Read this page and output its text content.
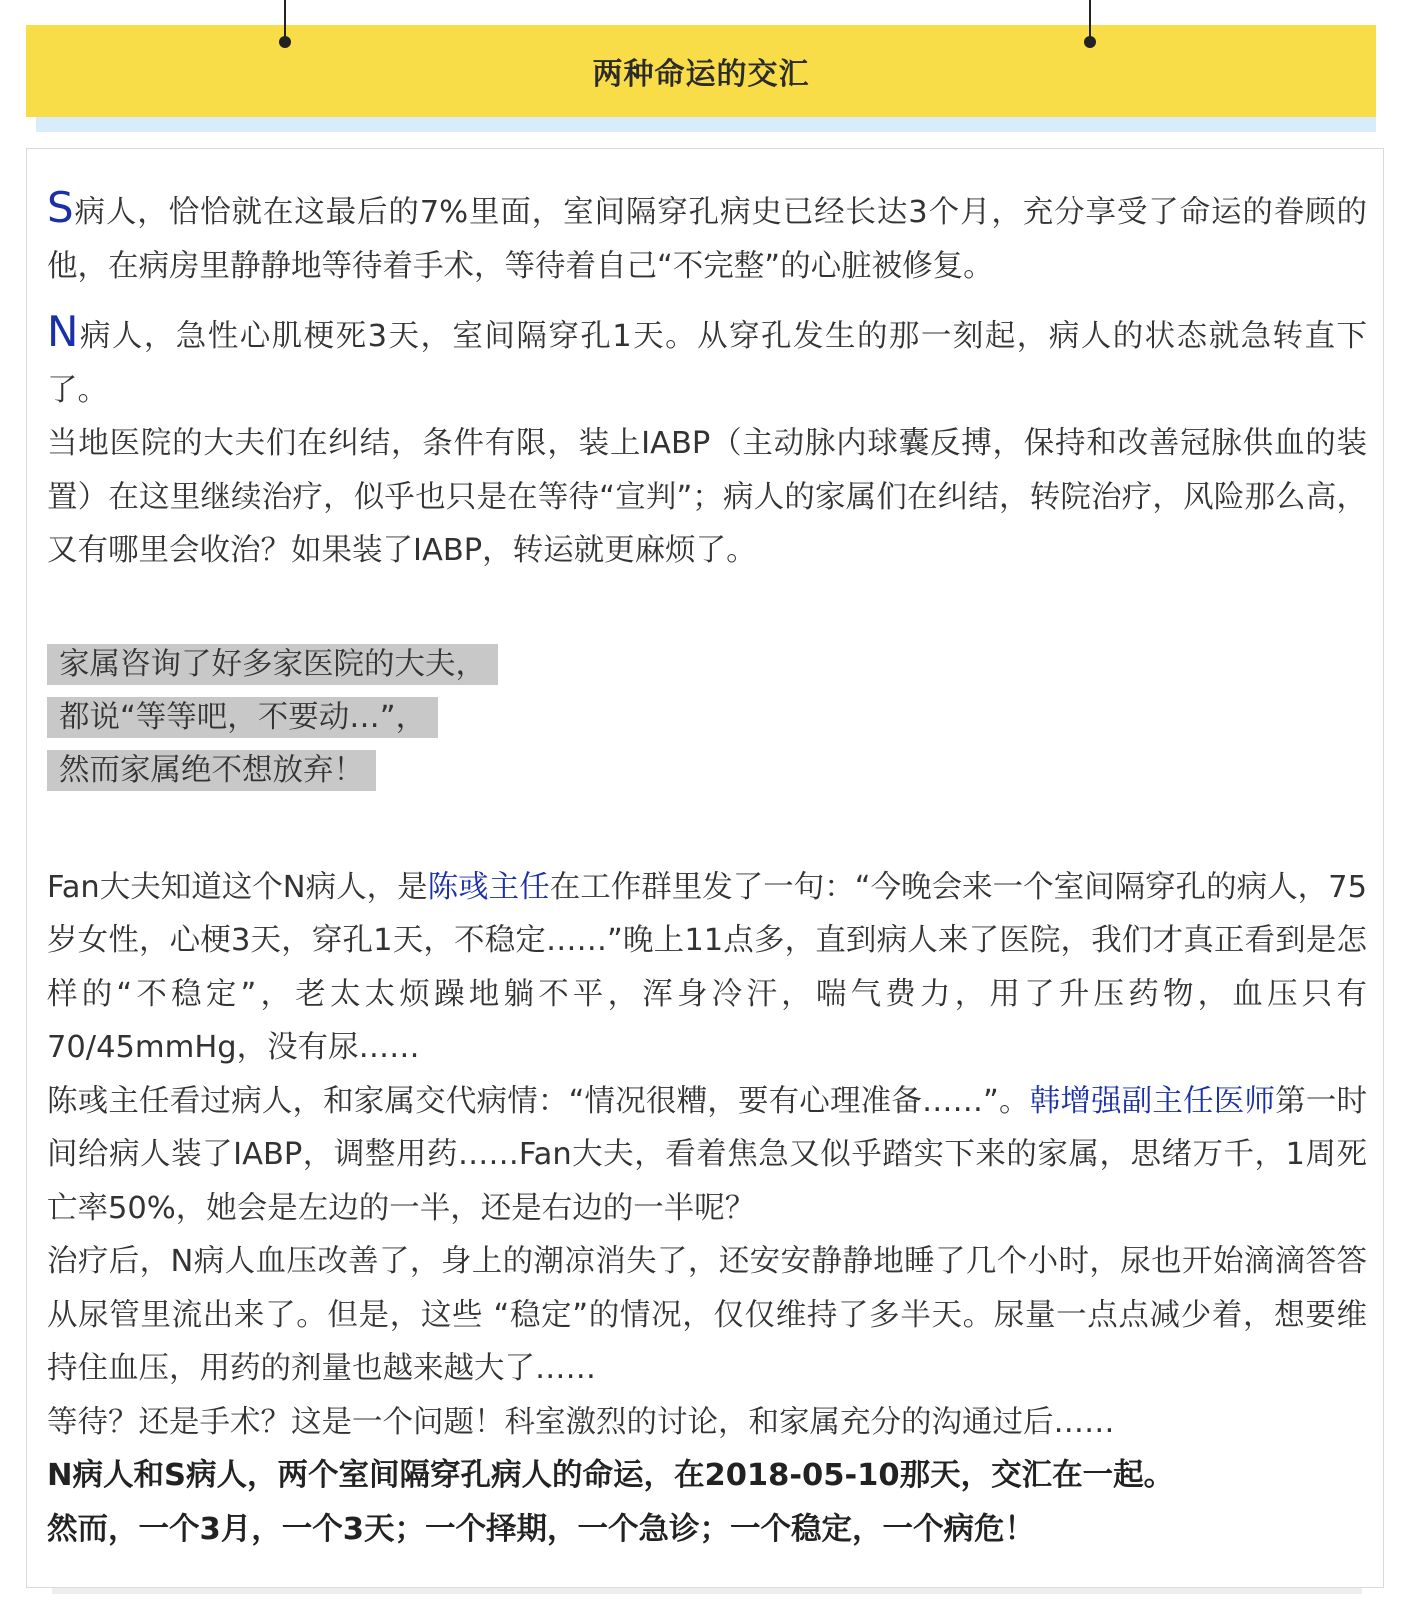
两种命运的交汇

S病人，恰恰就在这最后的7%里面，室间隔穿孔病史已经长达3个月，充分享受了命运的眷顾的他，在病房里静静地等待着手术，等待着自己“不完整”的心脏被修复。

N病人，急性心肌梗死3天，室间隔穿孔1天。从穿孔发生的那一刻起，病人的状态就急转直下了。

当地医院的大夫们在纠结，条件有限，装上IABP（主动脉内球囊反搏，保持和改善冠脉供血的装置）在这里继续治疗，似乎也只是在等待“宣判”；病人的家属们在纠结，转院治疗，风险那么高，又有哪里会收治？如果装了IABP，转运就更麻烦了。

家属咨询了好多家医院的大夫，
都说“等等吧，不要动…”，
然而家属绝不想放弃！

Fan大夫知道这个N病人，是陈彧主任在工作群里发了一句：“今晚会来一个室间隔穿孔的病人，75岁女性，心梗3天，穿孔1天，不稳定……”晚上11点多，直到病人来了医院，我们才真正看到是怎样的“不稳定”，老太太烦躁地躺不平，浑身冷汗，喘气费力，用了升压药物，血压只有70/45mmHg，没有尿……

陈彧主任看过病人，和家属交代病情：“情况很糟，要有心理准备……”。韩增强副主任医师第一时间给病人装了IABP，调整用药……Fan大夫，看着焦急又似乎踏实下来的家属，思绪万千，1周死亡率50%，她会是左边的一半，还是右边的一半呢？

治疗后，N病人血压改善了，身上的潮凉消失了，还安安静静地睡了几个小时，尿也开始滴滴答答从尿管里流出来了。但是，这些 “稳定”的情况，仅仅维持了多半天。尿量一点点减少着，想要维持住血压，用药的剂量也越来越大了……

等待？还是手术？这是一个问题！科室激烈的讨论，和家属充分的沟通过后……

N病人和S病人，两个室间隔穿孔病人的命运，在2018-05-10那天，交汇在一起。

然而，一个3月，一个3天；一个择期，一个急诊；一个稳定，一个病危！
